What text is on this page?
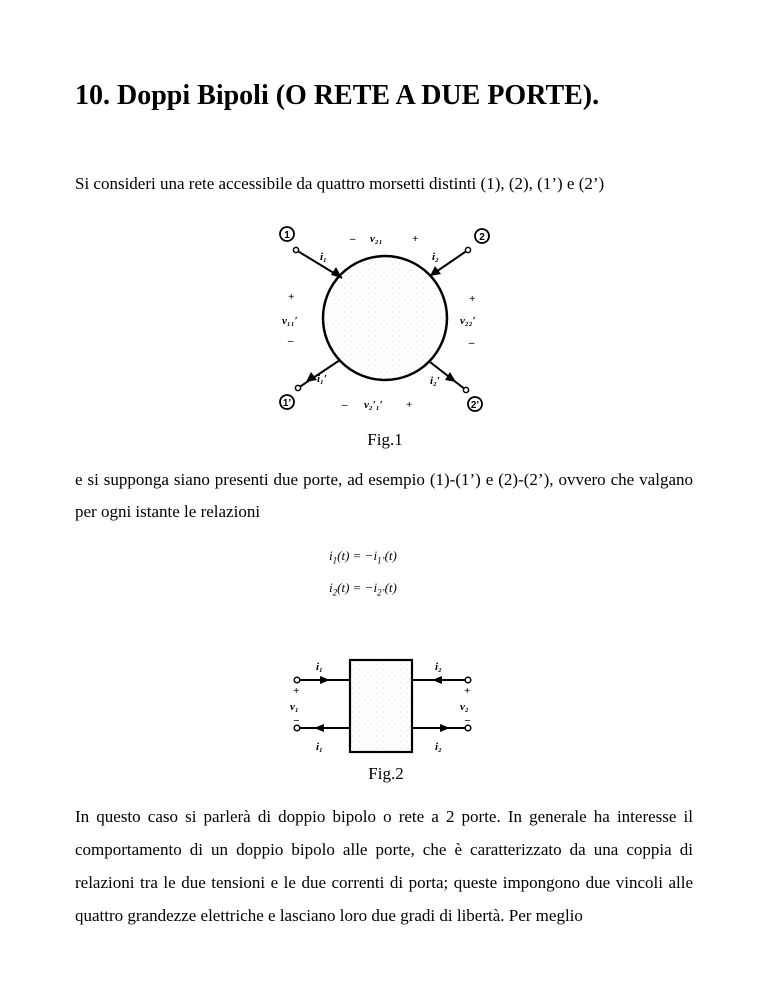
10. Doppi Bipoli (O RETE A DUE PORTE).

Si consideri una rete accessibile da quattro morsetti distinti (1), (2), (1’) e (2’)

1	2
1’	2’
– v₂₁	+
i₁	i₂
+
v₁₁′
–
+
v₂₂′
–
i₁′	i₂′
– v₂′₁′ +
Fig.1

e si supponga siano presenti due porte, ad esempio (1)-(1’) e (2)-(2’), ovvero che valgano per ogni istante le relazioni

$i_1(t) = -i_{1’}(t)$
$i_2(t) = -i_{2’}(t)$
i₁	i₂
+
v₁
−
+
v₂
−
i₁	i₂
Fig.2

In questo caso si parlerà di doppio bipolo o rete a 2 porte. In generale ha interesse il comportamento di un doppio bipolo alle porte, che è caratterizzato da una coppia di relazioni tra le due tensioni e le due correnti di porta; queste impongono due vincoli alle quattro grandezze elettriche e lasciano loro due gradi di libertà. Per meglio
